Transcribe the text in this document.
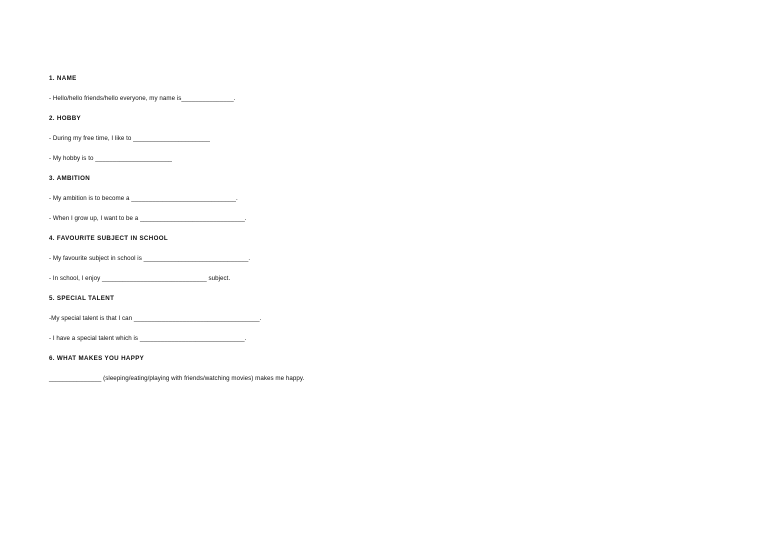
1. NAME
- Hello/hello friends/hello everyone, my name is_______________.
2. HOBBY
- During my free time, I like to ______________________
- My hobby is to ______________________
3. AMBITION
- My ambition is to become a ______________________________.
- When I grow up, I want to be a ______________________________.
4. FAVOURITE SUBJECT IN SCHOOL
- My favourite subject in school is ______________________________.
- In school, I enjoy ______________________________ subject.
5. SPECIAL TALENT
-My special talent is that I can ____________________________________.
- I have a special talent which is ______________________________.
6. WHAT MAKES YOU HAPPY
_______________ (sleeping/eating/playing with friends/watching movies) makes me happy.
